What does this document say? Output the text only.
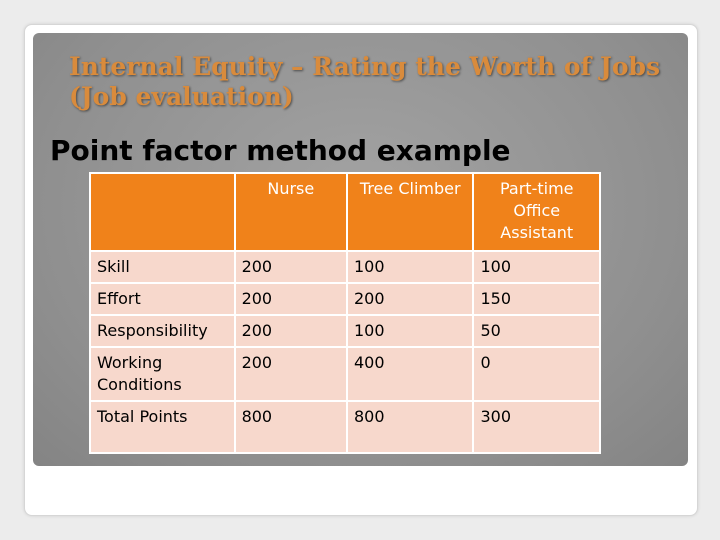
Internal Equity – Rating the Worth of Jobs (Job evaluation)
Point factor method example
	Nurse	Tree Climber	Part-time Office Assistant
Skill	200	100	100
Effort	200	200	150
Responsibility	200	100	50
Working Conditions	200	400	0
Total Points	800	800	300
